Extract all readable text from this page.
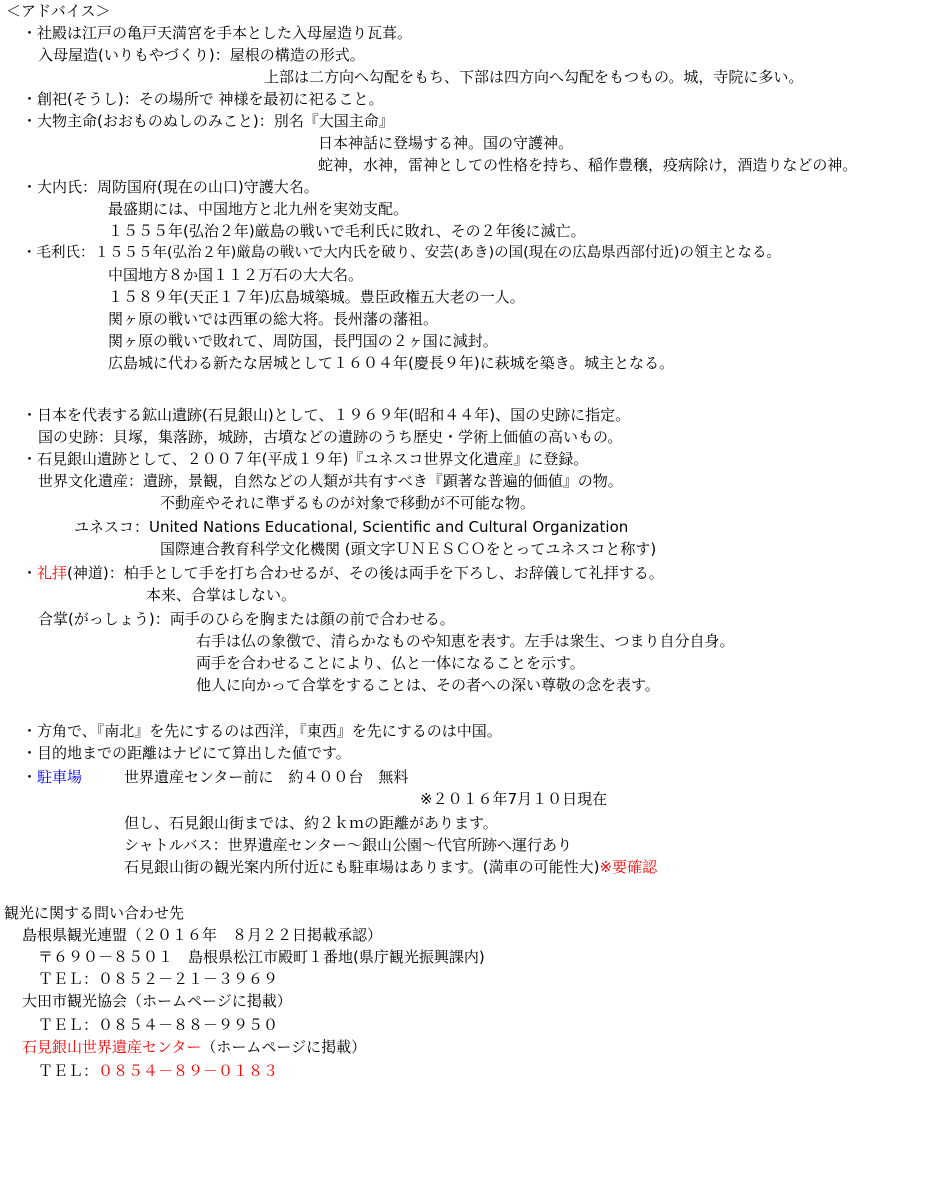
＜アドバイス＞
・社殿は江戸の亀戸天満宮を手本とした入母屋造り瓦葺。
入母屋造(いりもやづくり)：屋根の構造の形式。
上部は二方向へ勾配をもち、下部は四方向へ勾配をもつもの。城，寺院に多い。
・創祀(そうし)：その場所で 神様を最初に祀ること。
・大物主命(おおものぬしのみこと)：別名『大国主命』
日本神話に登場する神。国の守護神。
蛇神，水神，雷神としての性格を持ち、稲作豊穣，疫病除け，酒造りなどの神。
・大内氏：周防国府(現在の山口)守護大名。
最盛期には、中国地方と北九州を実効支配。
１５５５年(弘治２年)厳島の戦いで毛利氏に敗れ、その２年後に滅亡。
・毛利氏：１５５５年(弘治２年)厳島の戦いで大内氏を破り、安芸(あき)の国(現在の広島県西部付近)の領主となる。
中国地方８か国１１２万石の大大名。
１５８９年(天正１７年)広島城築城。豊臣政権五大老の一人。
関ヶ原の戦いでは西軍の総大将。長州藩の藩祖。
関ヶ原の戦いで敗れて、周防国，長門国の２ヶ国に減封。
広島城に代わる新たな居城として１６０４年(慶長９年)に萩城を築き。城主となる。
・日本を代表する鉱山遺跡(石見銀山)として、１９６９年(昭和４４年)、国の史跡に指定。
国の史跡：貝塚，集落跡，城跡，古墳などの遺跡のうち歴史・学術上価値の高いもの。
・石見銀山遺跡として、２００７年(平成１９年)『ユネスコ世界文化遺産』に登録。
世界文化遺産：遺跡，景観，自然などの人類が共有すべき『顕著な普遍的価値』の物。
不動産やそれに準ずるものが対象で移動が不可能な物。
ユネスコ：United Nations Educational, Scientific and Cultural Organization
国際連合教育科学文化機関 (頭文字ＵＮＥＳＣＯをとってユネスコと称す)
・礼拝(神道)：柏手として手を打ち合わせるが、その後は両手を下ろし、お辞儀して礼拝する。
本来、合掌はしない。
合掌(がっしょう)：両手のひらを胸または顔の前で合わせる。
右手は仏の象徴で、清らかなものや知恵を表す。左手は衆生、つまり自分自身。
両手を合わせることにより、仏と一体になることを示す。
他人に向かって合掌をすることは、その者への深い尊敬の念を表す。
・方角で、『南北』を先にするのは西洋，『東西』を先にするのは中国。
・目的地までの距離はナビにて算出した値です。
・駐車場	世界遺産センター前に　約４００台　無料
※２０１６年7月１０日現在
但し、石見銀山街までは、約２ｋｍの距離があります。
シャトルバス：世界遺産センター～銀山公園～代官所跡へ運行あり
石見銀山街の観光案内所付近にも駐車場はあります。(満車の可能性大)※要確認
観光に関する問い合わせ先
島根県観光連盟（２０１６年　８月２２日掲載承認）
〒６９０－８５０１　島根県松江市殿町１番地(県庁観光振興課内)
ＴＥＬ：０８５２－２１－３９６９
大田市観光協会（ホームページに掲載）
ＴＥＬ：０８５４－８８－９９５０
石見銀山世界遺産センター（ホームページに掲載）
ＴＥＬ：０８５４－８９－０１８３
